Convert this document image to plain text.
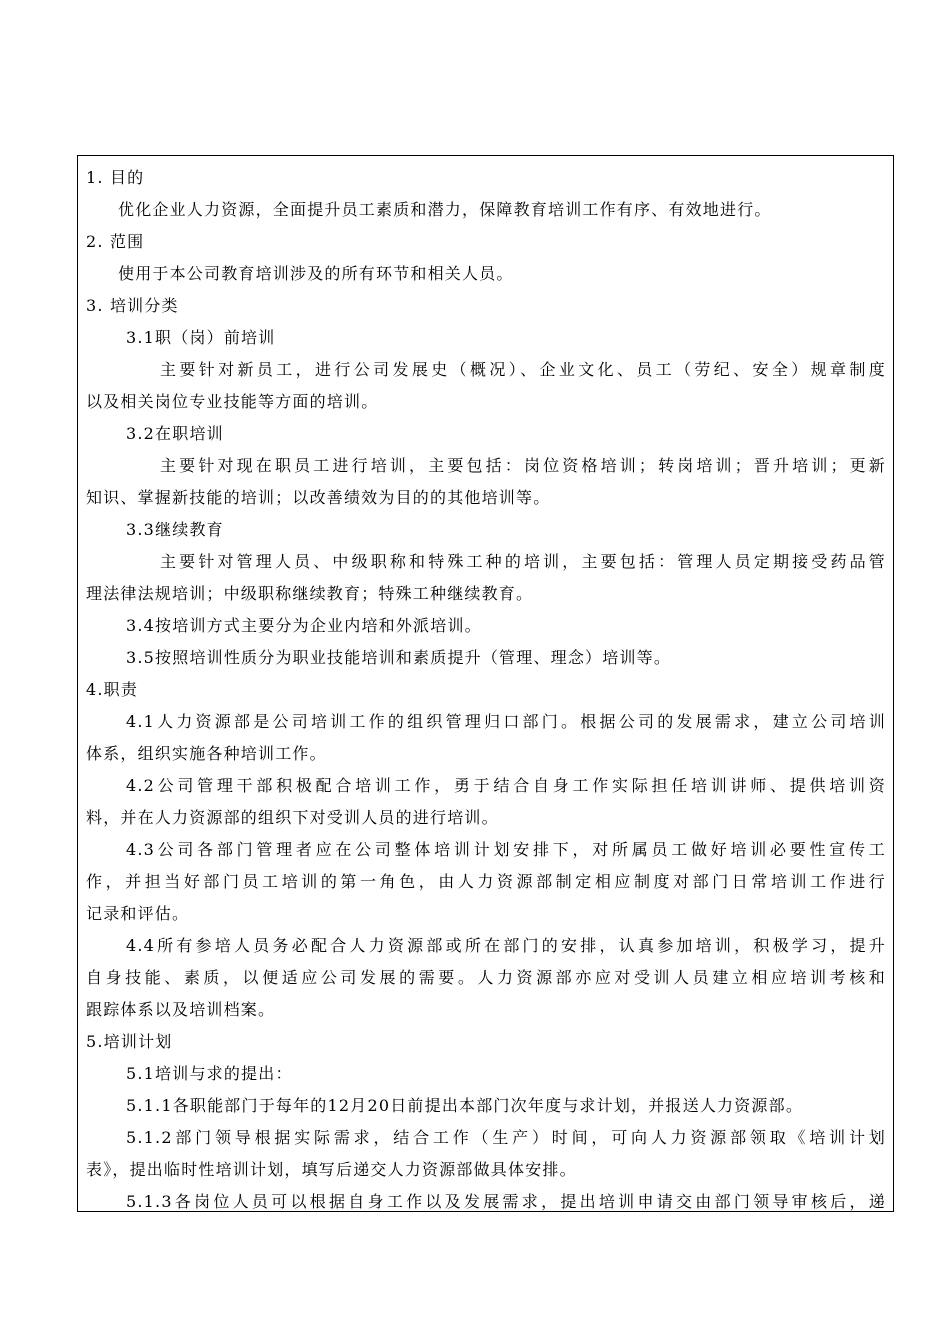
1. 目的
优化企业人力资源，全面提升员工素质和潜力，保障教育培训工作有序、有效地进行。
2. 范围
使用于本公司教育培训涉及的所有环节和相关人员。
3. 培训分类
3.1职（岗）前培训
主要针对新员工，进行公司发展史（概况）、企业文化、员工（劳纪、安全）规章制度
以及相关岗位专业技能等方面的培训。
3.2在职培训
主要针对现在职员工进行培训，主要包括：岗位资格培训；转岗培训；晋升培训；更新
知识、掌握新技能的培训；以改善绩效为目的的其他培训等。
3.3继续教育
主要针对管理人员、中级职称和特殊工种的培训，主要包括：管理人员定期接受药品管
理法律法规培训；中级职称继续教育；特殊工种继续教育。
3.4按培训方式主要分为企业内培和外派培训。
3.5按照培训性质分为职业技能培训和素质提升（管理、理念）培训等。
4.职责
4.1人力资源部是公司培训工作的组织管理归口部门。根据公司的发展需求，建立公司培训
体系，组织实施各种培训工作。
4.2公司管理干部积极配合培训工作，勇于结合自身工作实际担任培训讲师、提供培训资
料，并在人力资源部的组织下对受训人员的进行培训。
4.3公司各部门管理者应在公司整体培训计划安排下，对所属员工做好培训必要性宣传工
作，并担当好部门员工培训的第一角色，由人力资源部制定相应制度对部门日常培训工作进行
记录和评估。
4.4所有参培人员务必配合人力资源部或所在部门的安排，认真参加培训，积极学习，提升
自身技能、素质，以便适应公司发展的需要。人力资源部亦应对受训人员建立相应培训考核和
跟踪体系以及培训档案。
5.培训计划
5.1培训与求的提出：
5.1.1各职能部门于每年的12月20日前提出本部门次年度与求计划，并报送人力资源部。
5.1.2部门领导根据实际需求，结合工作（生产）时间，可向人力资源部领取《培训计划
表》，提出临时性培训计划，填写后递交人力资源部做具体安排。
5.1.3各岗位人员可以根据自身工作以及发展需求，提出培训申请交由部门领导审核后，递
